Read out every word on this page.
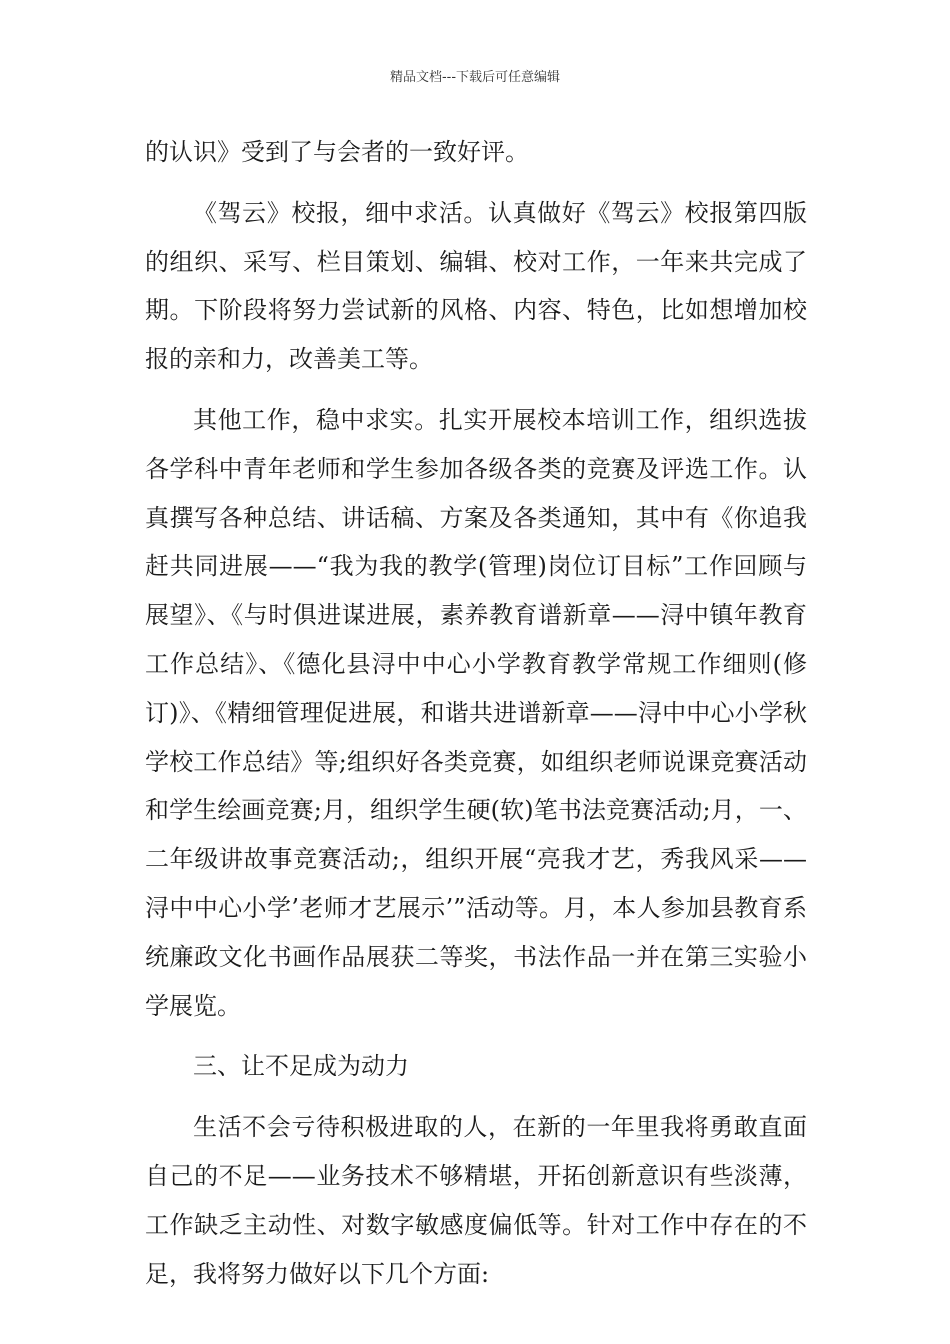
精品文档---下载后可任意编辑

的认识》受到了与会者的一致好评。

《驾云》校报，细中求活。认真做好《驾云》校报第四版的组织、采写、栏目策划、编辑、校对工作，一年来共完成了期。下阶段将努力尝试新的风格、内容、特色，比如想增加校报的亲和力，改善美工等。

其他工作，稳中求实。扎实开展校本培训工作，组织选拔各学科中青年老师和学生参加各级各类的竞赛及评选工作。认真撰写各种总结、讲话稿、方案及各类通知，其中有《你追我赶共同进展——“我为我的教学(管理)岗位订目标”工作回顾与展望》、《与时俱进谋进展，素养教育谱新章——浔中镇年教育工作总结》、《德化县浔中中心小学教育教学常规工作细则(修订)》、《精细管理促进展，和谐共进谱新章——浔中中心小学秋学校工作总结》等;组织好各类竞赛，如组织老师说课竞赛活动和学生绘画竞赛;月，组织学生硬(软)笔书法竞赛活动;月，一、二年级讲故事竞赛活动;，组织开展“亮我才艺，秀我风采——浔中中心小学’老师才艺展示’”活动等。月，本人参加县教育系统廉政文化书画作品展获二等奖，书法作品一并在第三实验小学展览。

三、让不足成为动力

生活不会亏待积极进取的人，在新的一年里我将勇敢直面自己的不足——业务技术不够精堪，开拓创新意识有些淡薄，工作缺乏主动性、对数字敏感度偏低等。针对工作中存在的不足，我将努力做好以下几个方面:
